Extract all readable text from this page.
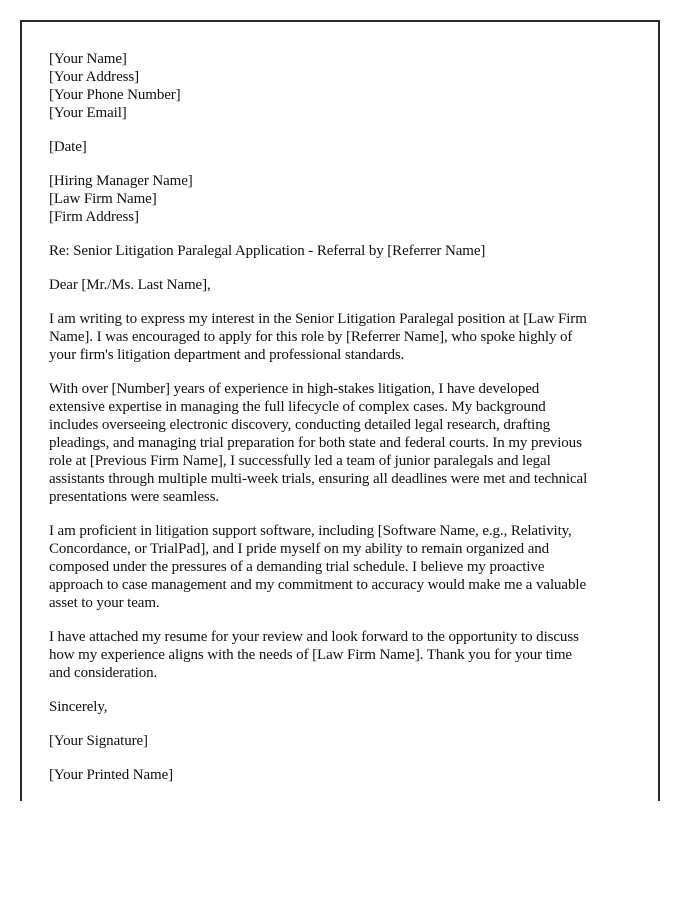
[Your Name]
[Your Address]
[Your Phone Number]
[Your Email]
[Date]
[Hiring Manager Name]
[Law Firm Name]
[Firm Address]
Re: Senior Litigation Paralegal Application - Referral by [Referrer Name]
Dear [Mr./Ms. Last Name],

I am writing to express my interest in the Senior Litigation Paralegal position at [Law Firm
Name]. I was encouraged to apply for this role by [Referrer Name], who spoke highly of
your firm's litigation department and professional standards.

With over [Number] years of experience in high-stakes litigation, I have developed
extensive expertise in managing the full lifecycle of complex cases. My background
includes overseeing electronic discovery, conducting detailed legal research, drafting
pleadings, and managing trial preparation for both state and federal courts. In my previous
role at [Previous Firm Name], I successfully led a team of junior paralegals and legal
assistants through multiple multi-week trials, ensuring all deadlines were met and technical
presentations were seamless.

I am proficient in litigation support software, including [Software Name, e.g., Relativity,
Concordance, or TrialPad], and I pride myself on my ability to remain organized and
composed under the pressures of a demanding trial schedule. I believe my proactive
approach to case management and my commitment to accuracy would make me a valuable
asset to your team.

I have attached my resume for your review and look forward to the opportunity to discuss
how my experience aligns with the needs of [Law Firm Name]. Thank you for your time
and consideration.

Sincerely,
[Your Signature]
[Your Printed Name]
